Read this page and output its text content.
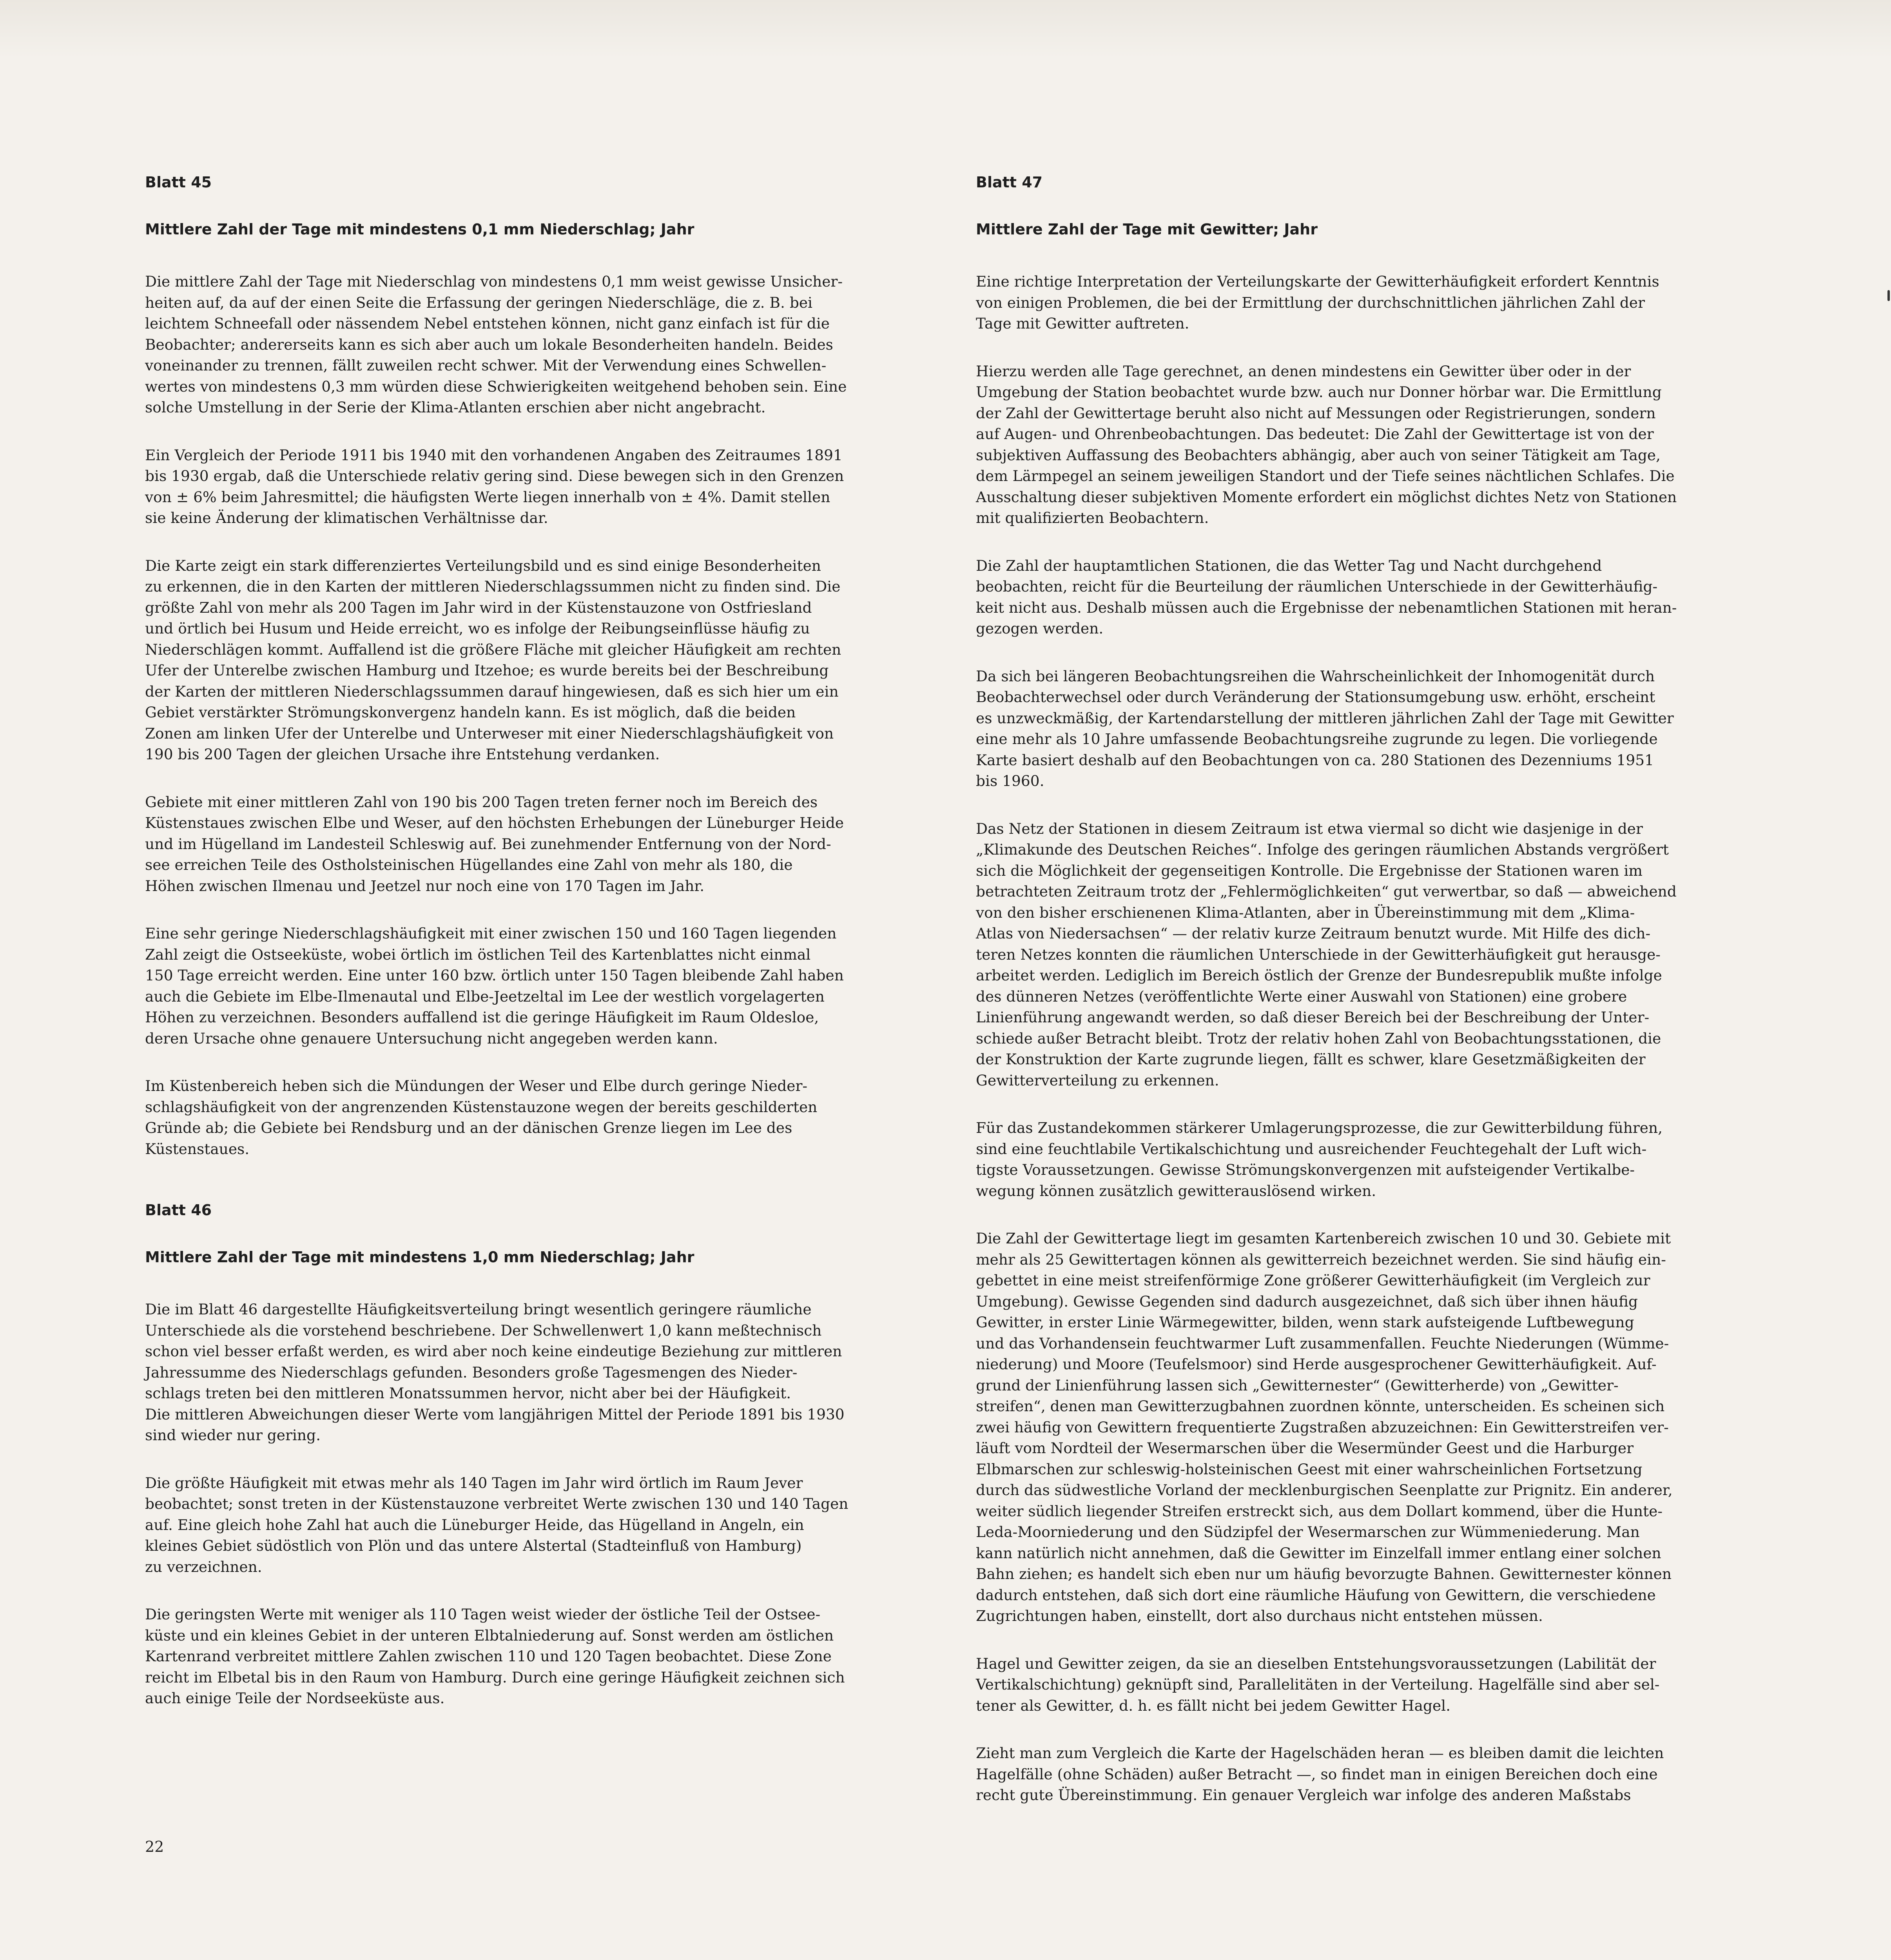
Blatt 45
Mittlere Zahl der Tage mit mindestens 0,1 mm Niederschlag; Jahr

Die mittlere Zahl der Tage mit Niederschlag von mindestens 0,1 mm weist gewisse Unsicher-
heiten auf, da auf der einen Seite die Erfassung der geringen Niederschläge, die z. B. bei
leichtem Schneefall oder nässendem Nebel entstehen können, nicht ganz einfach ist für die
Beobachter; andererseits kann es sich aber auch um lokale Besonderheiten handeln. Beides
voneinander zu trennen, fällt zuweilen recht schwer. Mit der Verwendung eines Schwellen-
wertes von mindestens 0,3 mm würden diese Schwierigkeiten weitgehend behoben sein. Eine
solche Umstellung in der Serie der Klima-Atlanten erschien aber nicht angebracht.

Ein Vergleich der Periode 1911 bis 1940 mit den vorhandenen Angaben des Zeitraumes 1891
bis 1930 ergab, daß die Unterschiede relativ gering sind. Diese bewegen sich in den Grenzen
von ± 6% beim Jahresmittel; die häufigsten Werte liegen innerhalb von ± 4%. Damit stellen
sie keine Änderung der klimatischen Verhältnisse dar.

Die Karte zeigt ein stark differenziertes Verteilungsbild und es sind einige Besonderheiten
zu erkennen, die in den Karten der mittleren Niederschlagssummen nicht zu finden sind. Die
größte Zahl von mehr als 200 Tagen im Jahr wird in der Küstenstauzone von Ostfriesland
und örtlich bei Husum und Heide erreicht, wo es infolge der Reibungseinflüsse häufig zu
Niederschlägen kommt. Auffallend ist die größere Fläche mit gleicher Häufigkeit am rechten
Ufer der Unterelbe zwischen Hamburg und Itzehoe; es wurde bereits bei der Beschreibung
der Karten der mittleren Niederschlagssummen darauf hingewiesen, daß es sich hier um ein
Gebiet verstärkter Strömungskonvergenz handeln kann. Es ist möglich, daß die beiden
Zonen am linken Ufer der Unterelbe und Unterweser mit einer Niederschlagshäufigkeit von
190 bis 200 Tagen der gleichen Ursache ihre Entstehung verdanken.

Gebiete mit einer mittleren Zahl von 190 bis 200 Tagen treten ferner noch im Bereich des
Küstenstaues zwischen Elbe und Weser, auf den höchsten Erhebungen der Lüneburger Heide
und im Hügelland im Landesteil Schleswig auf. Bei zunehmender Entfernung von der Nord-
see erreichen Teile des Ostholsteinischen Hügellandes eine Zahl von mehr als 180, die
Höhen zwischen Ilmenau und Jeetzel nur noch eine von 170 Tagen im Jahr.

Eine sehr geringe Niederschlagshäufigkeit mit einer zwischen 150 und 160 Tagen liegenden
Zahl zeigt die Ostseeküste, wobei örtlich im östlichen Teil des Kartenblattes nicht einmal
150 Tage erreicht werden. Eine unter 160 bzw. örtlich unter 150 Tagen bleibende Zahl haben
auch die Gebiete im Elbe-Ilmenautal und Elbe-Jeetzeltal im Lee der westlich vorgelagerten
Höhen zu verzeichnen. Besonders auffallend ist die geringe Häufigkeit im Raum Oldesloe,
deren Ursache ohne genauere Untersuchung nicht angegeben werden kann.

Im Küstenbereich heben sich die Mündungen der Weser und Elbe durch geringe Nieder-
schlagshäufigkeit von der angrenzenden Küstenstauzone wegen der bereits geschilderten
Gründe ab; die Gebiete bei Rendsburg und an der dänischen Grenze liegen im Lee des
Küstenstaues.

Blatt 46
Mittlere Zahl der Tage mit mindestens 1,0 mm Niederschlag; Jahr

Die im Blatt 46 dargestellte Häufigkeitsverteilung bringt wesentlich geringere räumliche
Unterschiede als die vorstehend beschriebene. Der Schwellenwert 1,0 kann meßtechnisch
schon viel besser erfaßt werden, es wird aber noch keine eindeutige Beziehung zur mittleren
Jahressumme des Niederschlags gefunden. Besonders große Tagesmengen des Nieder-
schlags treten bei den mittleren Monatssummen hervor, nicht aber bei der Häufigkeit.
Die mittleren Abweichungen dieser Werte vom langjährigen Mittel der Periode 1891 bis 1930
sind wieder nur gering.

Die größte Häufigkeit mit etwas mehr als 140 Tagen im Jahr wird örtlich im Raum Jever
beobachtet; sonst treten in der Küstenstauzone verbreitet Werte zwischen 130 und 140 Tagen
auf. Eine gleich hohe Zahl hat auch die Lüneburger Heide, das Hügelland in Angeln, ein
kleines Gebiet südöstlich von Plön und das untere Alstertal (Stadteinfluß von Hamburg)
zu verzeichnen.

Die geringsten Werte mit weniger als 110 Tagen weist wieder der östliche Teil der Ostsee-
küste und ein kleines Gebiet in der unteren Elbtalniederung auf. Sonst werden am östlichen
Kartenrand verbreitet mittlere Zahlen zwischen 110 und 120 Tagen beobachtet. Diese Zone
reicht im Elbetal bis in den Raum von Hamburg. Durch eine geringe Häufigkeit zeichnen sich
auch einige Teile der Nordseeküste aus.

Blatt 47
Mittlere Zahl der Tage mit Gewitter; Jahr

Eine richtige Interpretation der Verteilungskarte der Gewitterhäufigkeit erfordert Kenntnis
von einigen Problemen, die bei der Ermittlung der durchschnittlichen jährlichen Zahl der
Tage mit Gewitter auftreten.

Hierzu werden alle Tage gerechnet, an denen mindestens ein Gewitter über oder in der
Umgebung der Station beobachtet wurde bzw. auch nur Donner hörbar war. Die Ermittlung
der Zahl der Gewittertage beruht also nicht auf Messungen oder Registrierungen, sondern
auf Augen- und Ohrenbeobachtungen. Das bedeutet: Die Zahl der Gewittertage ist von der
subjektiven Auffassung des Beobachters abhängig, aber auch von seiner Tätigkeit am Tage,
dem Lärmpegel an seinem jeweiligen Standort und der Tiefe seines nächtlichen Schlafes. Die
Ausschaltung dieser subjektiven Momente erfordert ein möglichst dichtes Netz von Stationen
mit qualifizierten Beobachtern.

Die Zahl der hauptamtlichen Stationen, die das Wetter Tag und Nacht durchgehend
beobachten, reicht für die Beurteilung der räumlichen Unterschiede in der Gewitterhäufig-
keit nicht aus. Deshalb müssen auch die Ergebnisse der nebenamtlichen Stationen mit heran-
gezogen werden.

Da sich bei längeren Beobachtungsreihen die Wahrscheinlichkeit der Inhomogenität durch
Beobachterwechsel oder durch Veränderung der Stationsumgebung usw. erhöht, erscheint
es unzweckmäßig, der Kartendarstellung der mittleren jährlichen Zahl der Tage mit Gewitter
eine mehr als 10 Jahre umfassende Beobachtungsreihe zugrunde zu legen. Die vorliegende
Karte basiert deshalb auf den Beobachtungen von ca. 280 Stationen des Dezenniums 1951
bis 1960.

Das Netz der Stationen in diesem Zeitraum ist etwa viermal so dicht wie dasjenige in der
„Klimakunde des Deutschen Reiches“. Infolge des geringen räumlichen Abstands vergrößert
sich die Möglichkeit der gegenseitigen Kontrolle. Die Ergebnisse der Stationen waren im
betrachteten Zeitraum trotz der „Fehlermöglichkeiten“ gut verwertbar, so daß — abweichend
von den bisher erschienenen Klima-Atlanten, aber in Übereinstimmung mit dem „Klima-
Atlas von Niedersachsen“ — der relativ kurze Zeitraum benutzt wurde. Mit Hilfe des dich-
teren Netzes konnten die räumlichen Unterschiede in der Gewitterhäufigkeit gut herausge-
arbeitet werden. Lediglich im Bereich östlich der Grenze der Bundesrepublik mußte infolge
des dünneren Netzes (veröffentlichte Werte einer Auswahl von Stationen) eine grobere
Linienführung angewandt werden, so daß dieser Bereich bei der Beschreibung der Unter-
schiede außer Betracht bleibt. Trotz der relativ hohen Zahl von Beobachtungsstationen, die
der Konstruktion der Karte zugrunde liegen, fällt es schwer, klare Gesetzmäßigkeiten der
Gewitterverteilung zu erkennen.

Für das Zustandekommen stärkerer Umlagerungsprozesse, die zur Gewitterbildung führen,
sind eine feuchtlabile Vertikalschichtung und ausreichender Feuchtegehalt der Luft wich-
tigste Voraussetzungen. Gewisse Strömungskonvergenzen mit aufsteigender Vertikalbe-
wegung können zusätzlich gewitterauslösend wirken.

Die Zahl der Gewittertage liegt im gesamten Kartenbereich zwischen 10 und 30. Gebiete mit
mehr als 25 Gewittertagen können als gewitterreich bezeichnet werden. Sie sind häufig ein-
gebettet in eine meist streifenförmige Zone größerer Gewitterhäufigkeit (im Vergleich zur
Umgebung). Gewisse Gegenden sind dadurch ausgezeichnet, daß sich über ihnen häufig
Gewitter, in erster Linie Wärmegewitter, bilden, wenn stark aufsteigende Luftbewegung
und das Vorhandensein feuchtwarmer Luft zusammenfallen. Feuchte Niederungen (Wümme-
niederung) und Moore (Teufelsmoor) sind Herde ausgesprochener Gewitterhäufigkeit. Auf-
grund der Linienführung lassen sich „Gewitternester“ (Gewitterherde) von „Gewitter-
streifen“, denen man Gewitterzugbahnen zuordnen könnte, unterscheiden. Es scheinen sich
zwei häufig von Gewittern frequentierte Zugstraßen abzuzeichnen: Ein Gewitterstreifen ver-
läuft vom Nordteil der Wesermarschen über die Wesermünder Geest und die Harburger
Elbmarschen zur schleswig-holsteinischen Geest mit einer wahrscheinlichen Fortsetzung
durch das südwestliche Vorland der mecklenburgischen Seenplatte zur Prignitz. Ein anderer,
weiter südlich liegender Streifen erstreckt sich, aus dem Dollart kommend, über die Hunte-
Leda-Moorniederung und den Südzipfel der Wesermarschen zur Wümmeniederung. Man
kann natürlich nicht annehmen, daß die Gewitter im Einzelfall immer entlang einer solchen
Bahn ziehen; es handelt sich eben nur um häufig bevorzugte Bahnen. Gewitternester können
dadurch entstehen, daß sich dort eine räumliche Häufung von Gewittern, die verschiedene
Zugrichtungen haben, einstellt, dort also durchaus nicht entstehen müssen.

Hagel und Gewitter zeigen, da sie an dieselben Entstehungsvoraussetzungen (Labilität der
Vertikalschichtung) geknüpft sind, Parallelitäten in der Verteilung. Hagelfälle sind aber sel-
tener als Gewitter, d. h. es fällt nicht bei jedem Gewitter Hagel.

Zieht man zum Vergleich die Karte der Hagelschäden heran — es bleiben damit die leichten
Hagelfälle (ohne Schäden) außer Betracht —, so findet man in einigen Bereichen doch eine
recht gute Übereinstimmung. Ein genauer Vergleich war infolge des anderen Maßstabs

22
